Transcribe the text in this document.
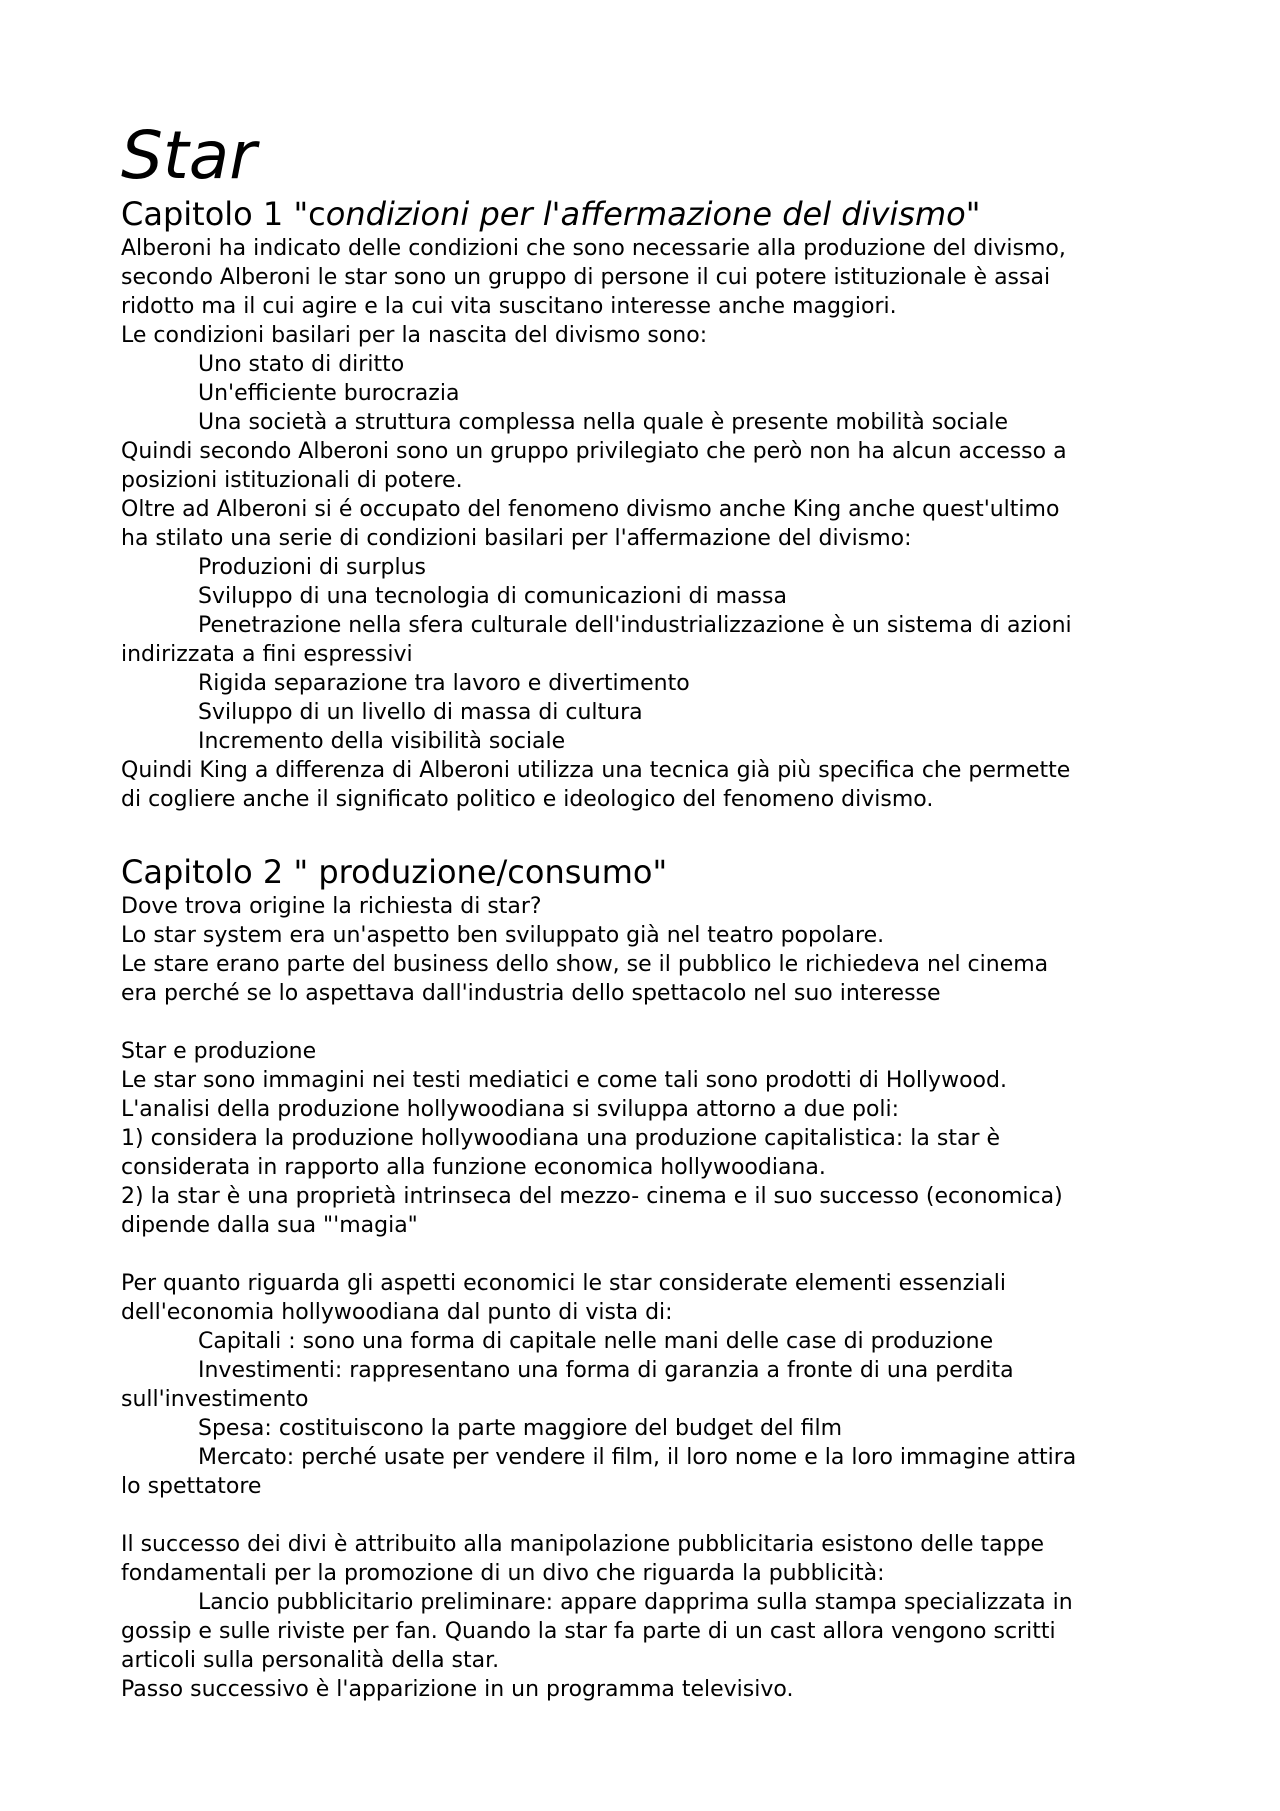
Star
Capitolo 1 "condizioni per l'affermazione del divismo"
Alberoni ha indicato delle condizioni che sono necessarie alla produzione del divismo,
secondo Alberoni le star sono un gruppo di persone il cui potere istituzionale è assai
ridotto ma il cui agire e la cui vita suscitano interesse anche maggiori.
Le condizioni basilari per la nascita del divismo sono:
Uno stato di diritto
Un'efficiente burocrazia
Una società a struttura complessa nella quale è presente mobilità sociale
Quindi secondo Alberoni sono un gruppo privilegiato che però non ha alcun accesso a
posizioni istituzionali di potere.
Oltre ad Alberoni si é occupato del fenomeno divismo anche King anche quest'ultimo
ha stilato una serie di condizioni basilari per l'affermazione del divismo:
Produzioni di surplus
Sviluppo di una tecnologia di comunicazioni di massa
Penetrazione nella sfera culturale dell'industrializzazione è un sistema di azioni
indirizzata a fini espressivi
Rigida separazione tra lavoro e divertimento
Sviluppo di un livello di massa di cultura
Incremento della visibilità sociale
Quindi King a differenza di Alberoni utilizza una tecnica già più specifica che permette
di cogliere anche il significato politico e ideologico del fenomeno divismo.
Capitolo 2 " produzione/consumo"
Dove trova origine la richiesta di star?
Lo star system era un'aspetto ben sviluppato già nel teatro popolare.
Le stare erano parte del business dello show, se il pubblico le richiedeva nel cinema
era perché se lo aspettava dall'industria dello spettacolo nel suo interesse
Star e produzione
Le star sono immagini nei testi mediatici e come tali sono prodotti di Hollywood.
L'analisi della produzione hollywoodiana si sviluppa attorno a due poli:
1) considera la produzione hollywoodiana una produzione capitalistica: la star è
considerata in rapporto alla funzione economica hollywoodiana.
2) la star è una proprietà intrinseca del mezzo- cinema e il suo successo (economica)
dipende dalla sua "'magia"
Per quanto riguarda gli aspetti economici le star considerate elementi essenziali
dell'economia hollywoodiana dal punto di vista di:
Capitali : sono una forma di capitale nelle mani delle case di produzione
Investimenti: rappresentano una forma di garanzia a fronte di una perdita
sull'investimento
Spesa: costituiscono la parte maggiore del budget del film
Mercato: perché usate per vendere il film, il loro nome e la loro immagine attira
lo spettatore
Il successo dei divi è attribuito alla manipolazione pubblicitaria esistono delle tappe
fondamentali per la promozione di un divo che riguarda la pubblicità:
Lancio pubblicitario preliminare: appare dapprima sulla stampa specializzata in
gossip e sulle riviste per fan. Quando la star fa parte di un cast allora vengono scritti
articoli sulla personalità della star.
Passo successivo è l'apparizione in un programma televisivo.
